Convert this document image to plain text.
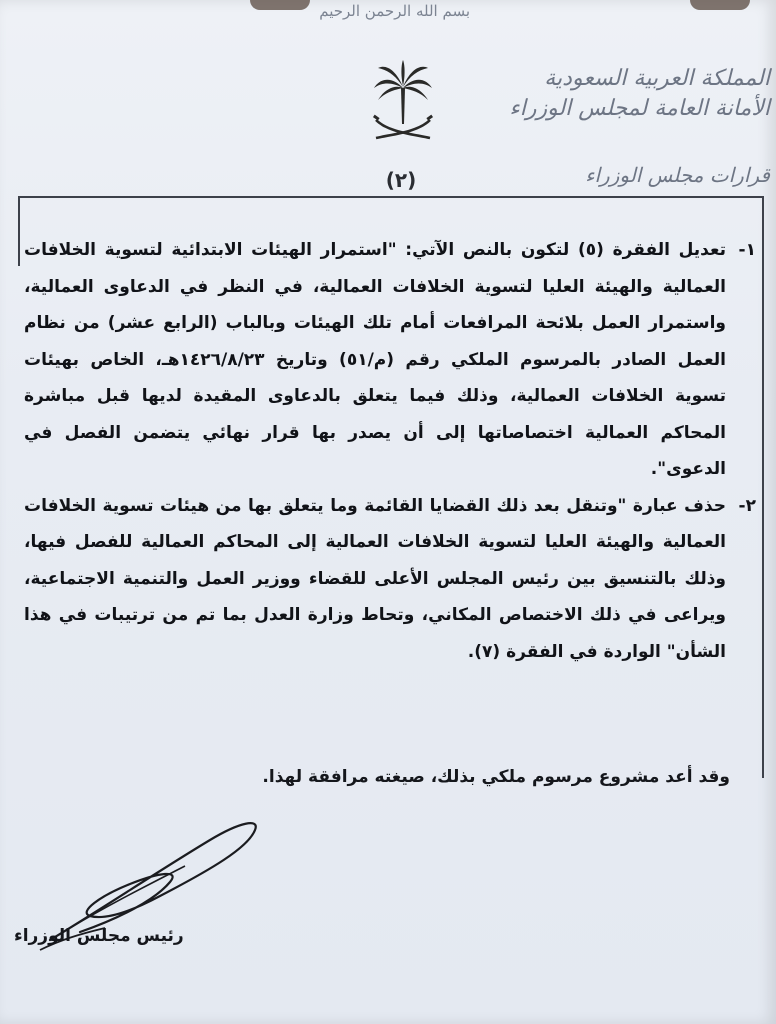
بسم الله الرحمن الرحيم
المملكة العربية السعودية
الأمانة العامة لمجلس الوزراء
قرارات مجلس الوزراء
(٢)
١-
تعديل الفقرة (٥) لتكون بالنص الآتي: "استمرار الهيئات الابتدائية لتسوية الخلافات العمالية والهيئة العليا لتسوية الخلافات العمالية، في النظر في الدعاوى العمالية، واستمرار العمل بلائحة المرافعات أمام تلك الهيئات وبالباب (الرابع عشر) من نظام العمل الصادر بالمرسوم الملكي رقم (م/٥١) وتاريخ ١٤٢٦/٨/٢٣هـ، الخاص بهيئات تسوية الخلافات العمالية، وذلك فيما يتعلق بالدعاوى المقيدة لديها قبل مباشرة المحاكم العمالية اختصاصاتها إلى أن يصدر بها قرار نهائي يتضمن الفصل في الدعوى".
٢-
حذف عبارة "وتنقل بعد ذلك القضايا القائمة وما يتعلق بها من هيئات تسوية الخلافات العمالية والهيئة العليا لتسوية الخلافات العمالية إلى المحاكم العمالية للفصل فيها، وذلك بالتنسيق بين رئيس المجلس الأعلى للقضاء ووزير العمل والتنمية الاجتماعية، ويراعى في ذلك الاختصاص المكاني، وتحاط وزارة العدل بما تم من ترتيبات في هذا الشأن" الواردة في الفقرة (٧).
وقد أعد مشروع مرسوم ملكي بذلك، صيغته مرافقة لهذا.
رئيس مجلس الوزراء
